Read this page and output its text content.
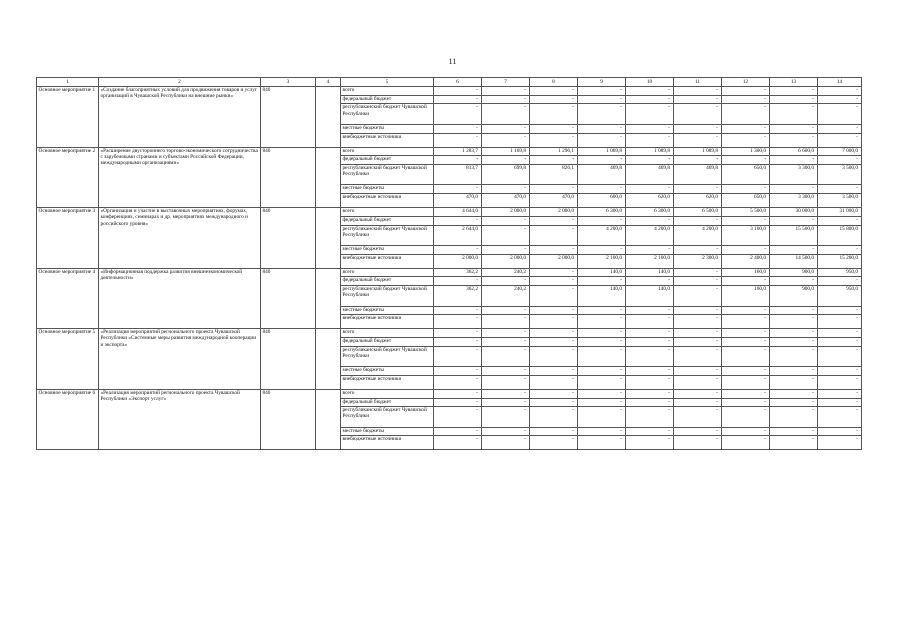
11
1	2	3	4	5	6	7	8	9	10	11	12	13	14
Основное мероприятие 1	«Создание благоприятных условий для продвижения товаров и услуг организаций в Чувашской Республики на внешние рынки»	840		всего	-	-	-	-	-	-	-	-	-
				федеральный бюджет	-	-	-	-	-	-	-	-	-
				республиканский бюджет Чувашской Республики	-	-	-	-	-	-	-	-	-
				местные бюджеты	-	-	-	-	-	-	-	-	-
				внебюджетные источники	-	-	-	-	-	-	-	-	-
Основное мероприятие 2	«Расширение двустороннего торгово-экономического сотрудничества с зарубежными странами и субъектами Российской Федерации, международными организациями»	840		всего	1 283,7	1 169,8	1 296,1	1 069,8	1 089,8	1 089,8	1 300,0	6 600,0	7 000,0
				федеральный бюджет	-	-	-	-	-	-	-	-	-
				республиканский бюджет Чувашской Республики	813,7	699,8	826,1	469,8	469,8	469,8	650,0	3 300,0	3 500,0
				местные бюджеты	-	-	-	-	-	-	-	-	-
				внебюджетные источники	470,0	470,0	470,0	600,0	620,0	620,0	650,0	3 300,0	3 500,0
Основное мероприятие 3	«Организация и участие в выставочных мероприятиях, форумах, конференциях, семинарах и др. мероприятиях международного и российского уровня»	840		всего	4 644,0	2 000,0	2 000,0	6 300,0	6 300,0	6 500,0	5 500,0	30 000,0	31 000,0
				федеральный бюджет	-	-	-	-	-	-	-	-	-
				республиканский бюджет Чувашской Республики	2 644,0	-	-	4 200,0	4 200,0	4 200,0	3 100,0	15 500,0	15 800,0
				местные бюджеты	-	-	-	-	-	-	-	-	-
				внебюджетные источники	2 000,0	2 000,0	2 000,0	2 100,0	2 100,0	2 300,0	2 400,0	14 500,0	15 200,0
Основное мероприятие 4	«Информационная поддержка развития внешнеэкономической деятельности»	840		всего	362,2	240,2	-	140,0	140,0	-	160,0	900,0	950,0
				федеральный бюджет	-	-	-	-	-	-	-	-	-
				республиканский бюджет Чувашской Республики	362,2	240,2	-	140,0	140,0	-	160,0	900,0	950,0
				местные бюджеты	-	-	-	-	-	-	-	-	-
				внебюджетные источники	-	-	-	-	-	-	-	-	-
Основное мероприятие 5	«Реализация мероприятий регионального проекта Чувашской Республики «Системные меры развития международной кооперации и экспорта»	840		всего	-	-	-	-	-	-	-	-	-
				федеральный бюджет	-	-	-	-	-	-	-	-	-
				республиканский бюджет Чувашской Республики	-	-	-	-	-	-	-	-	-
				местные бюджеты	-	-	-	-	-	-	-	-	-
				внебюджетные источники	-	-	-	-	-	-	-	-	-
Основное мероприятие 6	«Реализация мероприятий регионального проекта Чувашской Республики «Экспорт услуг»	840		всего	-	-	-	-	-	-	-	-	-
				федеральный бюджет	-	-	-	-	-	-	-	-	-
				республиканский бюджет Чувашской Республики	-	-	-	-	-	-	-	-	-
				местные бюджеты	-	-	-	-	-	-	-	-	-
				внебюджетные источники	-	-	-	-	-	-	-	-	-
